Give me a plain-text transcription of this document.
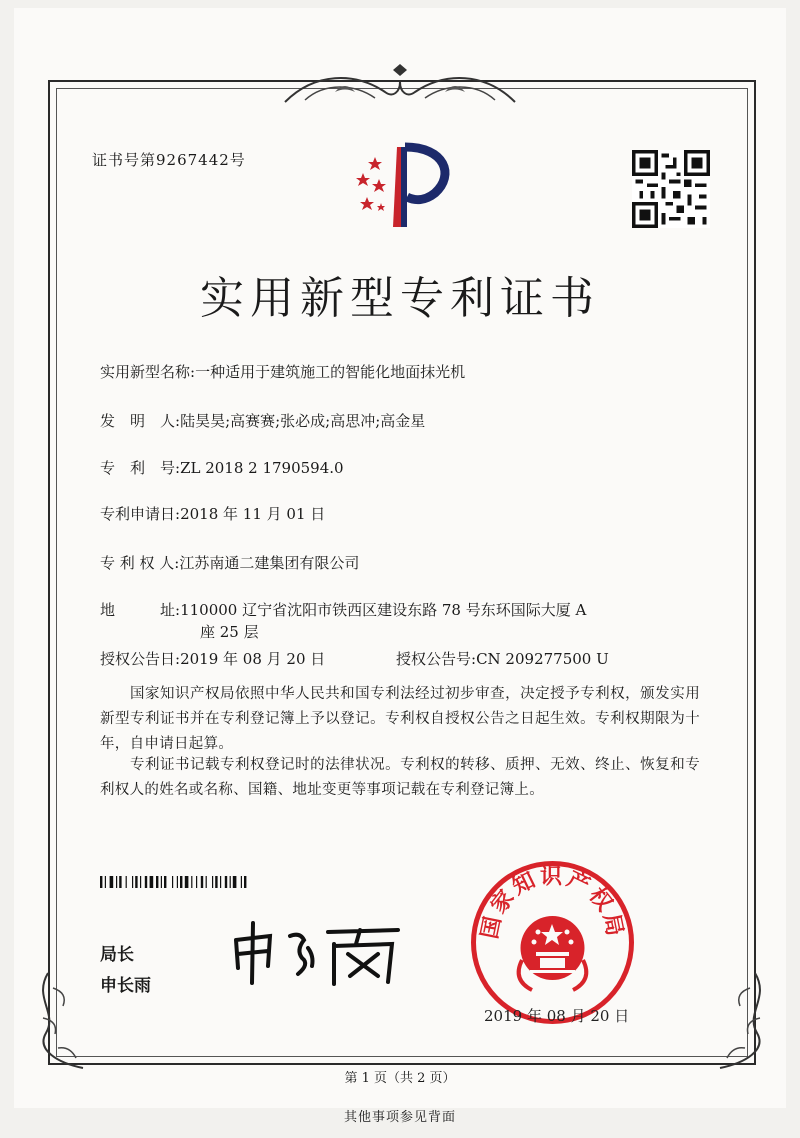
证书号第9267442号
实用新型专利证书
实用新型名称:一种适用于建筑施工的智能化地面抹光机
发　明　人:陆昊昊;高赛赛;张必成;高思冲;高金星
专　利　号:ZL 2018 2 1790594.0
专利申请日:2018 年 11 月 01 日
专 利 权 人:江苏南通二建集团有限公司
地　　　址:110000 辽宁省沈阳市铁西区建设东路 78 号东环国际大厦 A
座 25 层
授权公告日:2019 年 08 月 20 日	授权公告号:CN 209277500 U
　　国家知识产权局依照中华人民共和国专利法经过初步审查，决定授予专利权，颁发实用新型专利证书并在专利登记簿上予以登记。专利权自授权公告之日起生效。专利权期限为十年，自申请日起算。
　　专利证书记载专利权登记时的法律状况。专利权的转移、质押、无效、终止、恢复和专利权人的姓名或名称、国籍、地址变更等事项记载在专利登记簿上。
局长
申长雨
国家知识产权局
2019 年 08 月 20 日
第 1 页（共 2 页）
其他事项参见背面
